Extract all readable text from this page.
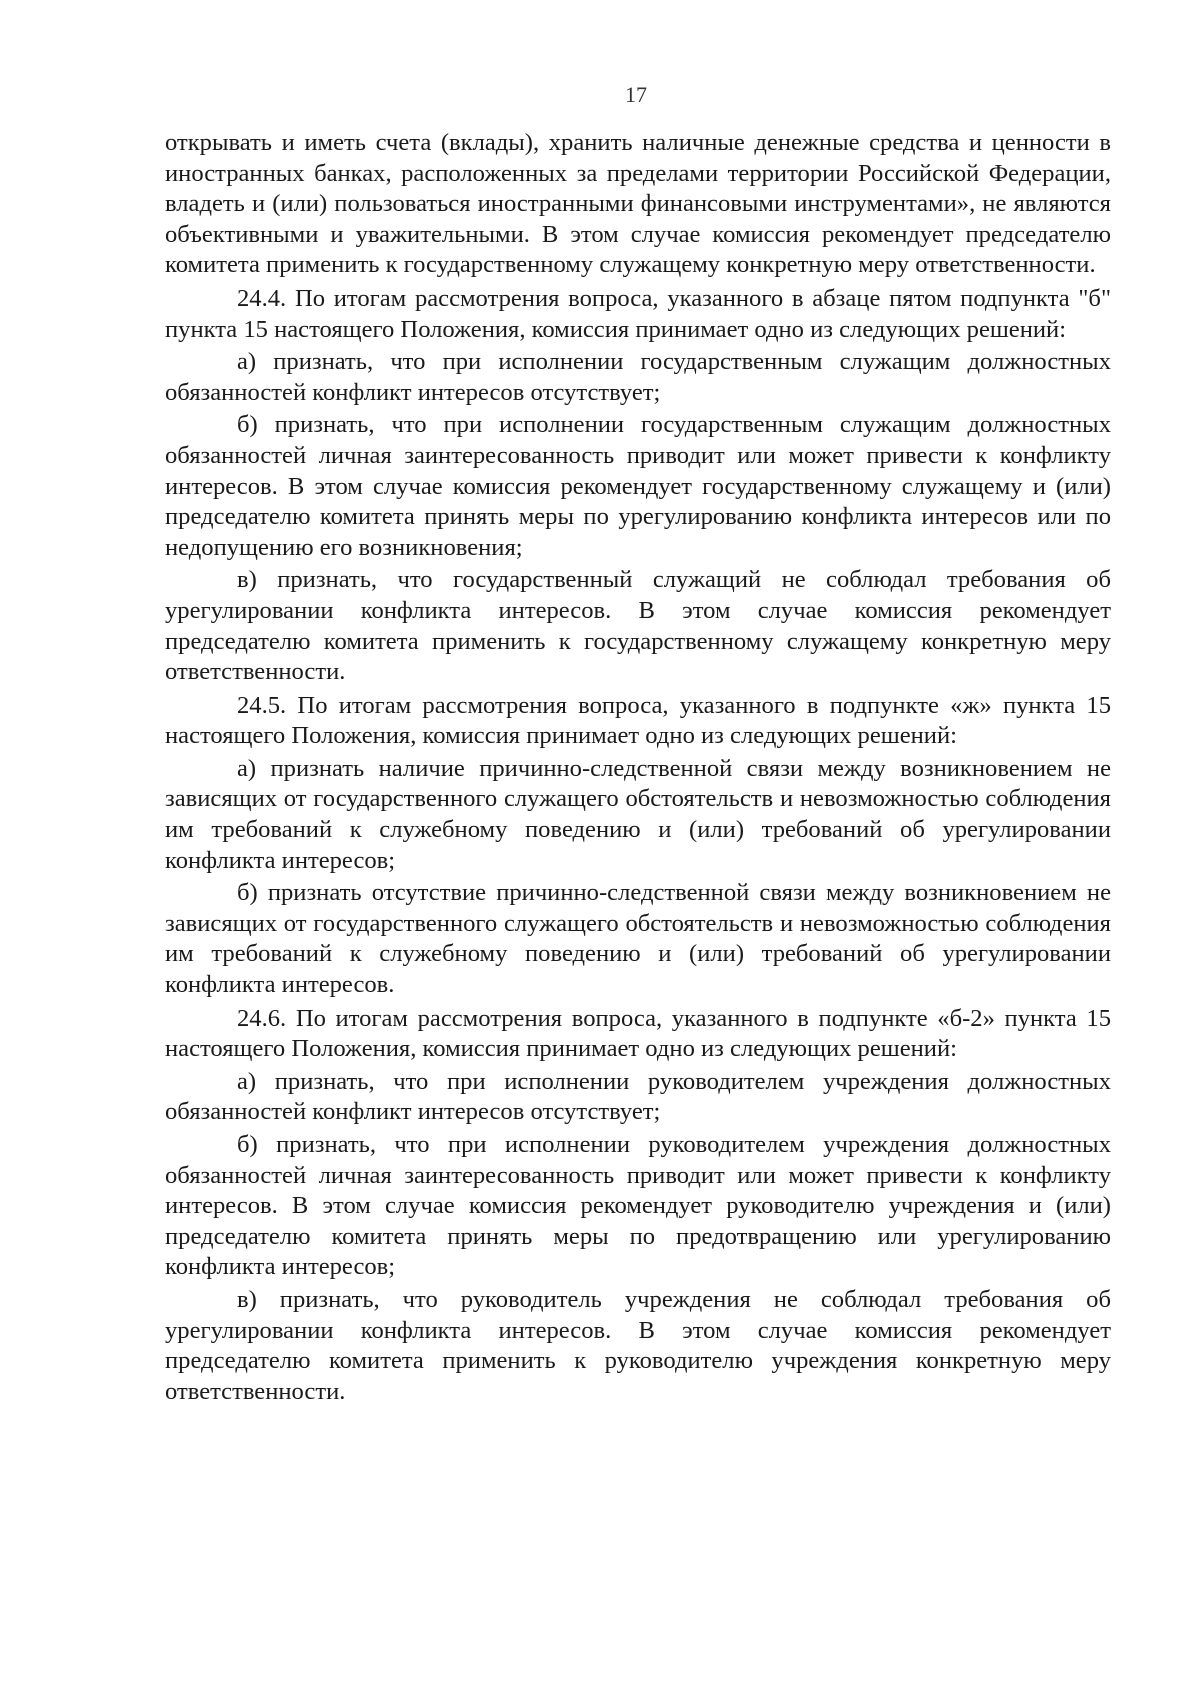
17

открывать и иметь счета (вклады), хранить наличные денежные средства и ценности в иностранных банках, расположенных за пределами территории Российской Федерации, владеть и (или) пользоваться иностранными финансовыми инструментами», не являются объективными и уважительными. В этом случае комиссия рекомендует председателю комитета применить к государственному служащему конкретную меру ответственности.

24.4. По итогам рассмотрения вопроса, указанного в абзаце пятом подпункта "б" пункта 15 настоящего Положения, комиссия принимает одно из следующих решений:

а) признать, что при исполнении государственным служащим должностных обязанностей конфликт интересов отсутствует;

б) признать, что при исполнении государственным служащим должностных обязанностей личная заинтересованность приводит или может привести к конфликту интересов. В этом случае комиссия рекомендует государственному служащему и (или) председателю комитета принять меры по урегулированию конфликта интересов или по недопущению его возникновения;

в) признать, что государственный служащий не соблюдал требования об урегулировании конфликта интересов. В этом случае комиссия рекомендует председателю комитета применить к государственному служащему конкретную меру ответственности.

24.5. По итогам рассмотрения вопроса, указанного в подпункте «ж» пункта 15 настоящего Положения, комиссия принимает одно из следующих решений:

а) признать наличие причинно-следственной связи между возникновением не зависящих от государственного служащего обстоятельств и невозможностью соблюдения им требований к служебному поведению и (или) требований об урегулировании конфликта интересов;

б) признать отсутствие причинно-следственной связи между возникновением не зависящих от государственного служащего обстоятельств и невозможностью соблюдения им требований к служебному поведению и (или) требований об урегулировании конфликта интересов.

24.6. По итогам рассмотрения вопроса, указанного в подпункте «б-2» пункта 15 настоящего Положения, комиссия принимает одно из следующих решений:

а) признать, что при исполнении руководителем учреждения должностных обязанностей конфликт интересов отсутствует;

б) признать, что при исполнении руководителем учреждения должностных обязанностей личная заинтересованность приводит или может привести к конфликту интересов. В этом случае комиссия рекомендует руководителю учреждения и (или) председателю комитета принять меры по предотвращению или урегулированию конфликта интересов;

в) признать, что руководитель учреждения не соблюдал требования об урегулировании конфликта интересов. В этом случае комиссия рекомендует председателю комитета применить к руководителю учреждения конкретную меру ответственности.
